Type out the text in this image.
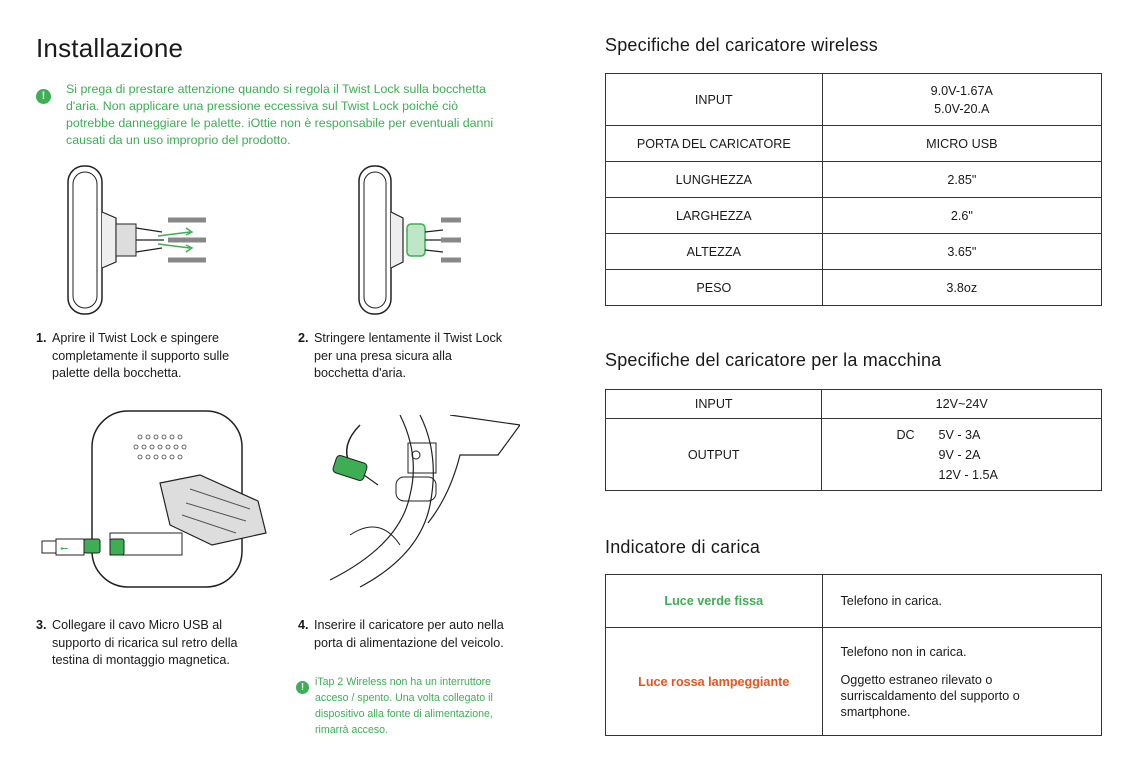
Installazione
!	Si prega di prestare attenzione quando si regola il Twist Lock sulla bocchetta d'aria. Non applicare una pressione eccessiva sul Twist Lock poiché ciò potrebbe danneggiare le palette. iOttie non è responsabile per eventuali danni causati da un uso improprio del prodotto.
1. Aprire il Twist Lock e spingere completamente il supporto sulle palette della bocchetta.
2. Stringere lentamente il Twist Lock per una presa sicura alla bocchetta d'aria.
⭠
3. Collegare il cavo Micro USB al supporto di ricarica sul retro della testina di montaggio magnetica.
4. Inserire il caricatore per auto nella porta di alimentazione del veicolo.
!	iTap 2 Wireless non ha un interruttore acceso / spento. Una volta collegato il dispositivo alla fonte di alimentazione, rimarrà acceso.
Specifiche del caricatore wireless
INPUT	9.0V-1.67A
5.0V-20.A

PORTA DEL CARICATORE	MICRO USB
LUNGHEZZA	2.85"
LARGHEZZA	2.6"
ALTEZZA	3.65"
PESO	3.8oz
Specifiche del caricatore per la macchina
INPUT	12V~24V
OUTPUT	DC 5V - 3A
9V - 2A
12V - 1.5A
Indicatore di carica
Luce verde fissa	Telefono in carica.
Luce rossa lampeggiante	Telefono non in carica.
Oggetto estraneo rilevato o surriscaldamento del supporto o smartphone.
